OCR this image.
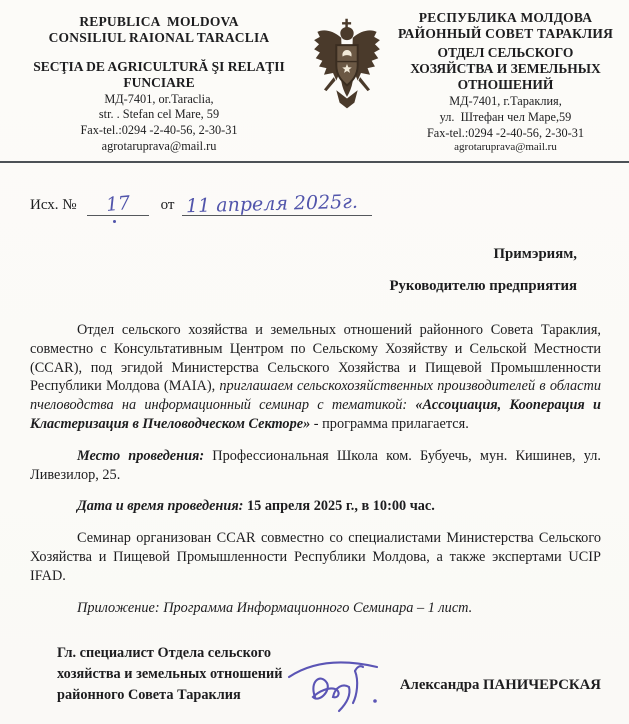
REPUBLICA  MOLDOVA
CONSILIUL RAIONAL TARACLIA
SECŢIA DE AGRICULTURĂ ŞI RELAŢII
FUNCIARE
МД-7401, or.Taraclia,
str. . Stefan cel Mare, 59
Fax-tel.:0294 -2-40-56, 2-30-31
agrotaruprava@mail.ru
РЕСПУБЛИКА МОЛДОВА
РАЙОННЫЙ СОВЕТ ТАРАКЛИЯ
ОТДЕЛ СЕЛЬСКОГО
ХОЗЯЙСТВА И ЗЕМЕЛЬНЫХ
ОТНОШЕНИЙ
МД-7401, г.Тараклия,
ул.  Штефан чел Маре,59
Fax-tel.:0294 -2-40-56, 2-30-31
agrotaruprava@mail.ru
Исх. №	17	от 11 апреля 2025г.
Примэриям,
Руководителю предприятия

Отдел сельского хозяйства и земельных отношений районного Совета Тараклия, совместно с Консультативным Центром по Сельскому Хозяйству и Сельской Местности (CCAR), под эгидой Министерства Сельского Хозяйства и Пищевой Промышленности Республики Молдова (MAIA), приглашаем сельскохозяйственных производителей в области пчеловодства на информационный семинар с тематикой: «Ассоциация, Кооперация и Кластеризация в Пчеловодческом Секторе» - программа прилагается.

Место проведения: Профессиональная Школа ком. Бубуечь, мун. Кишинев, ул. Ливезилор, 25.

Дата и время проведения: 15 апреля 2025 г., в 10:00 час.

Семинар организован CCAR совместно со специалистами Министерства Сельского Хозяйства и Пищевой Промышленности Республики Молдова, а также экспертами UCIP IFAD.

Приложение: Программа Информационного Семинара – 1 лист.

Гл. специалист Отдела сельского
хозяйства и земельных отношений
районного Совета Тараклия
Александра ПАНИЧЕРСКАЯ
